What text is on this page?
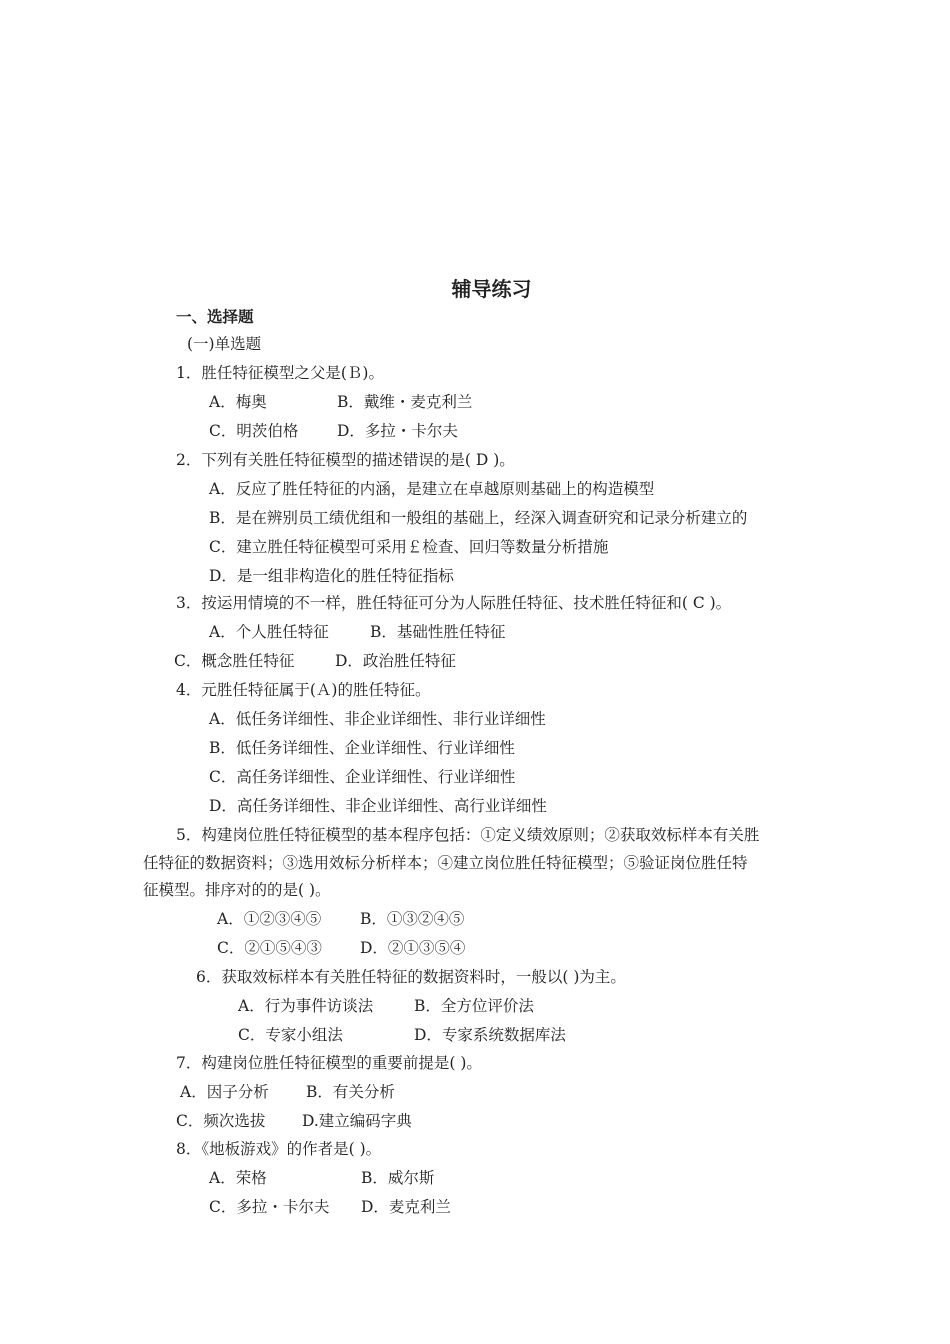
辅导练习
一、选择题
(一)单选题
1．胜任特征模型之父是(Ｂ)。
A．梅奥	B．戴维・麦克利兰
C．明茨伯格 D．多拉・卡尔夫
2．下列有关胜任特征模型的描述错误的是( D )。
A．反应了胜任特征的内涵，是建立在卓越原则基础上的构造模型
B．是在辨别员工绩优组和一般组的基础上，经深入调查研究和记录分析建立的
C．建立胜任特征模型可采用￡检查、回归等数量分析措施
D．是一组非构造化的胜任特征指标
3．按运用情境的不一样，胜任特征可分为人际胜任特征、技术胜任特征和( C )。
A．个人胜任特征	B．基础性胜任特征
C．概念胜任特征	D．政治胜任特征
4．元胜任特征属于(Ａ)的胜任特征。
A．低任务详细性、非企业详细性、非行业详细性
B．低任务详细性、企业详细性、行业详细性
C．高任务详细性、企业详细性、行业详细性
D．高任务详细性、非企业详细性、高行业详细性
5．构建岗位胜任特征模型的基本程序包括：①定义绩效原则；②获取效标样本有关胜
任特征的数据资料；③选用效标分析样本；④建立岗位胜任特征模型；⑤验证岗位胜任特
征模型。排序对的的是( )。
A．①②③④⑤	B．①③②④⑤
C．②①⑤④③ D．②①③⑤④
6．获取效标样本有关胜任特征的数据资料时，一般以( )为主。
A．行为事件访谈法	B．全方位评价法
C．专家小组法	D．专家系统数据库法
7．构建岗位胜任特征模型的重要前提是( )。
A．因子分析 B．有关分析
C．频次选拔 D.建立编码字典
8．《地板游戏》的作者是( )。
A．荣格	B．威尔斯
C．多拉・卡尔夫 D．麦克利兰
